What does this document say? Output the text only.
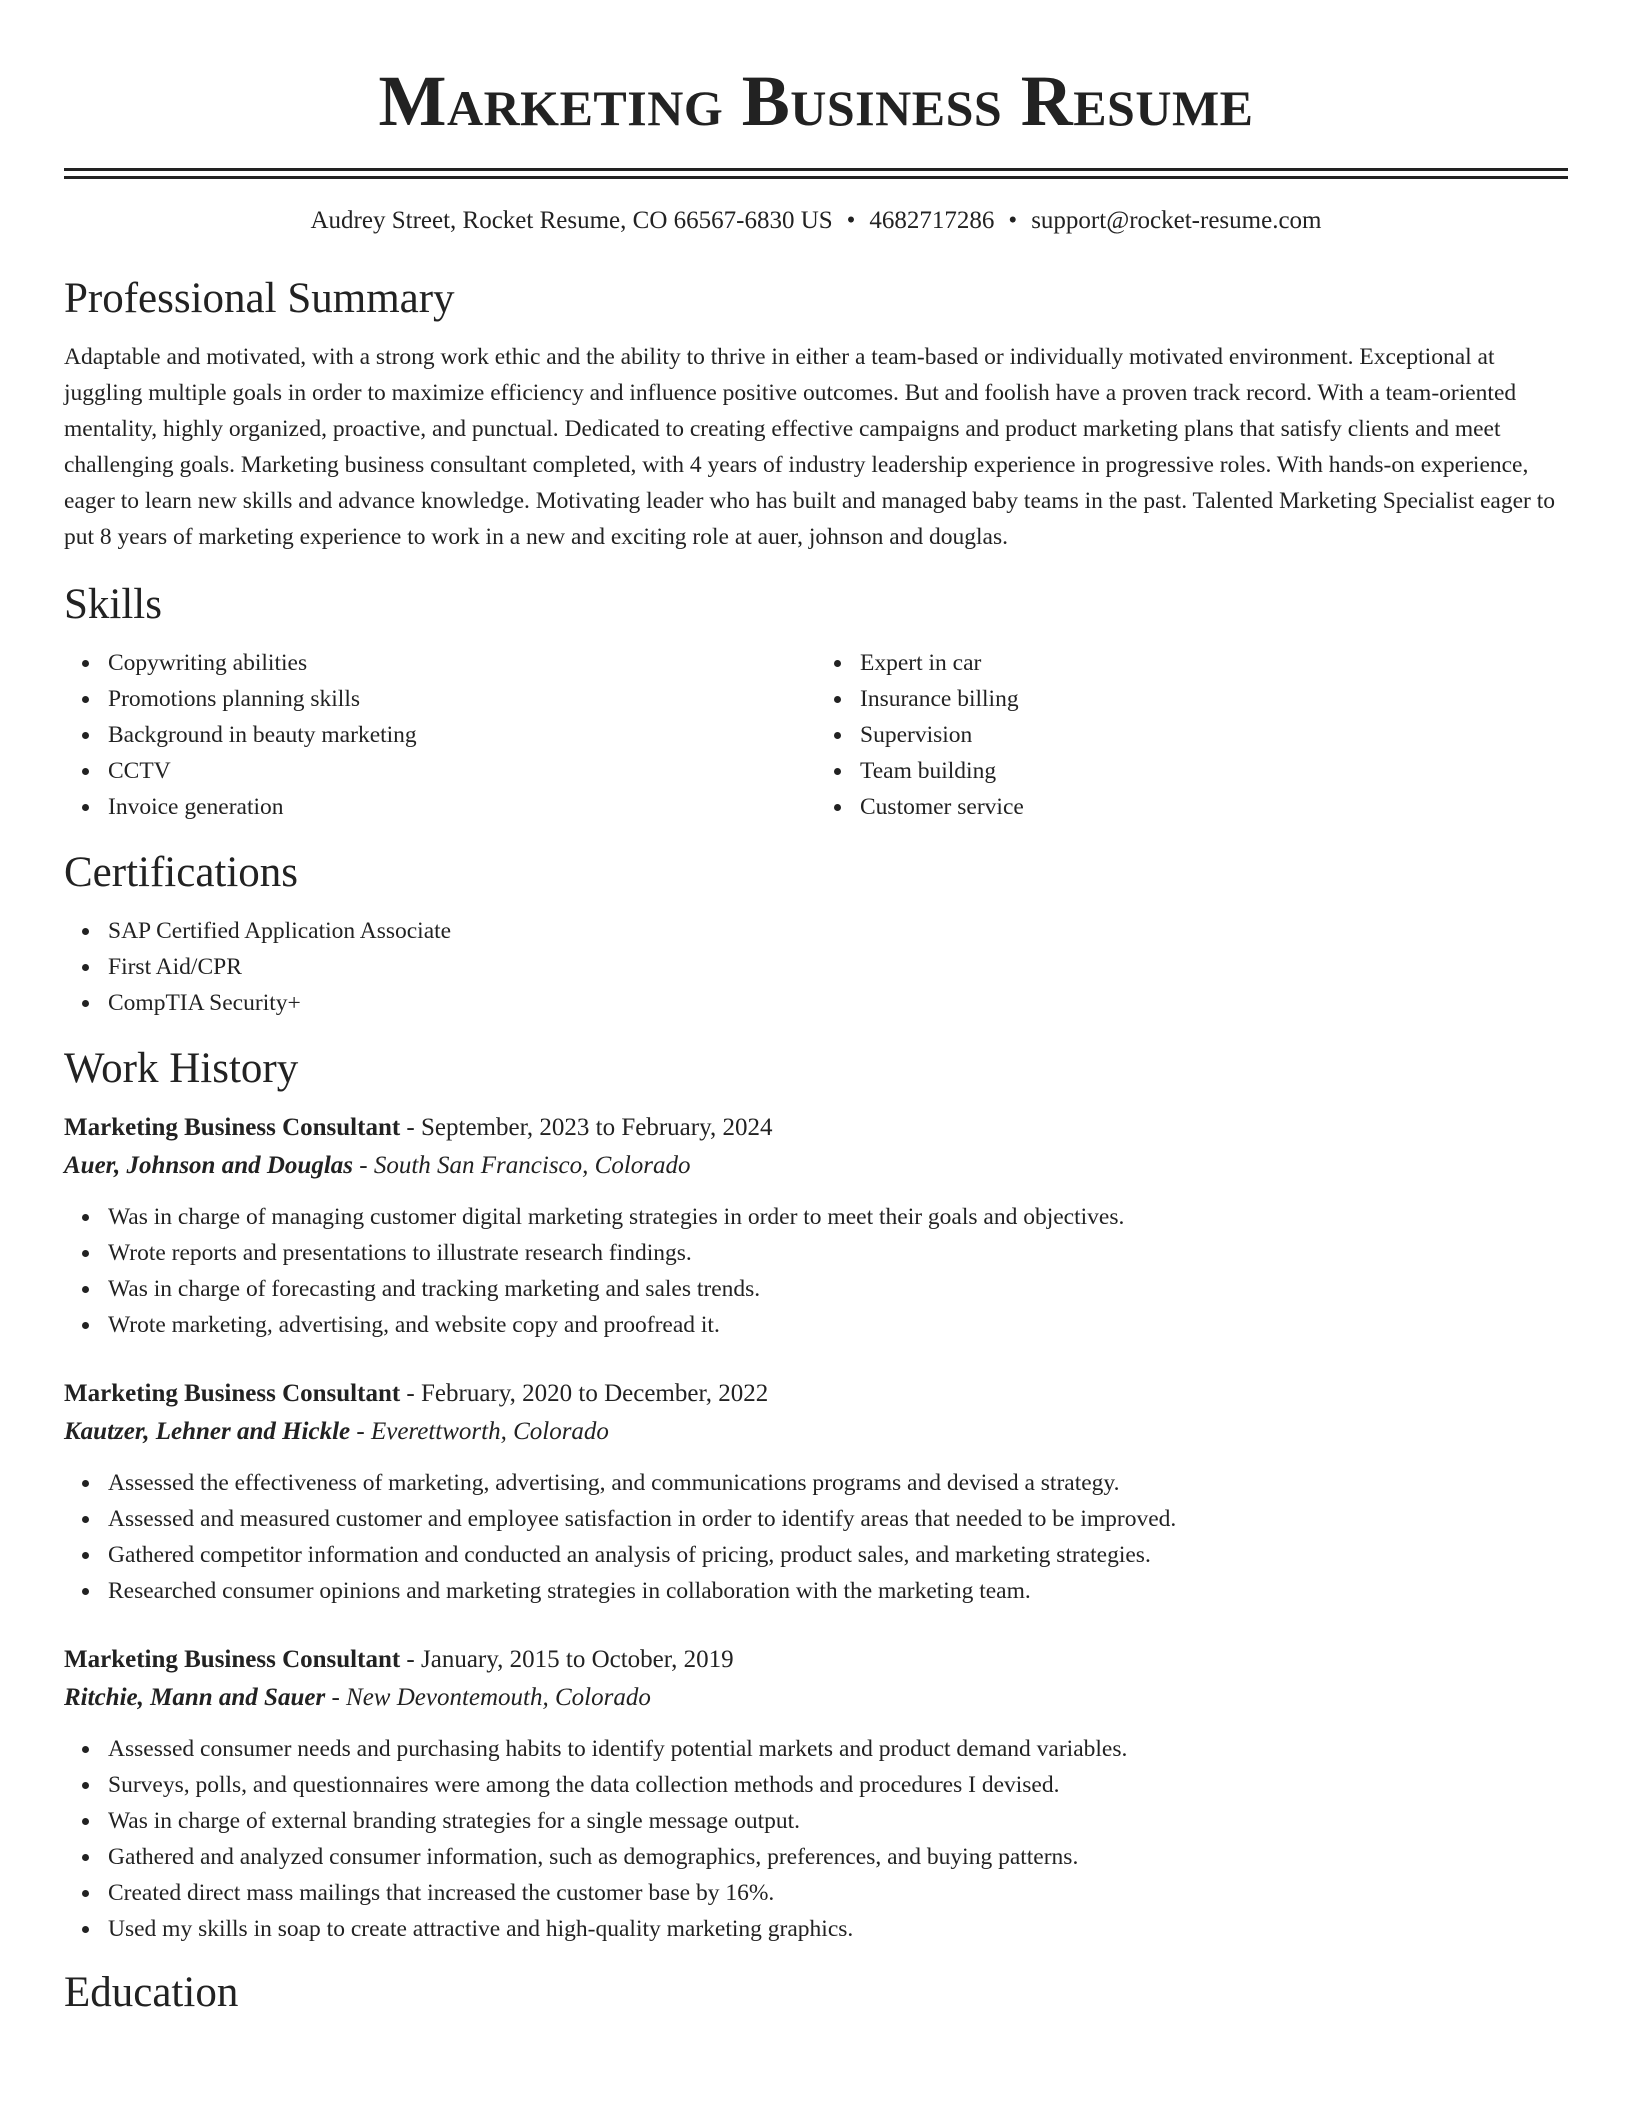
Marketing Business Resume
Audrey Street, Rocket Resume, CO 66567-6830 US • 4682717286 • support@rocket-resume.com
Professional Summary

Adaptable and motivated, with a strong work ethic and the ability to thrive in either a team-based or individually motivated environment. Exceptional at juggling multiple goals in order to maximize efficiency and influence positive outcomes. But and foolish have a proven track record. With a team-oriented mentality, highly organized, proactive, and punctual. Dedicated to creating effective campaigns and product marketing plans that satisfy clients and meet challenging goals. Marketing business consultant completed, with 4 years of industry leadership experience in progressive roles. With hands-on experience, eager to learn new skills and advance knowledge. Motivating leader who has built and managed baby teams in the past. Talented Marketing Specialist eager to put 8 years of marketing experience to work in a new and exciting role at auer, johnson and douglas.

Skills
Copywriting abilities
Promotions planning skills
Background in beauty marketing
CCTV
Invoice generation
Expert in car
Insurance billing
Supervision
Team building
Customer service
Certifications
SAP Certified Application Associate
First Aid/CPR
CompTIA Security+
Work History
Marketing Business Consultant - September, 2023 to February, 2024
Auer, Johnson and Douglas - South San Francisco, Colorado
Was in charge of managing customer digital marketing strategies in order to meet their goals and objectives.
Wrote reports and presentations to illustrate research findings.
Was in charge of forecasting and tracking marketing and sales trends.
Wrote marketing, advertising, and website copy and proofread it.
Marketing Business Consultant - February, 2020 to December, 2022
Kautzer, Lehner and Hickle - Everettworth, Colorado
Assessed the effectiveness of marketing, advertising, and communications programs and devised a strategy.
Assessed and measured customer and employee satisfaction in order to identify areas that needed to be improved.
Gathered competitor information and conducted an analysis of pricing, product sales, and marketing strategies.
Researched consumer opinions and marketing strategies in collaboration with the marketing team.
Marketing Business Consultant - January, 2015 to October, 2019
Ritchie, Mann and Sauer - New Devontemouth, Colorado
Assessed consumer needs and purchasing habits to identify potential markets and product demand variables.
Surveys, polls, and questionnaires were among the data collection methods and procedures I devised.
Was in charge of external branding strategies for a single message output.
Gathered and analyzed consumer information, such as demographics, preferences, and buying patterns.
Created direct mass mailings that increased the customer base by 16%.
Used my skills in soap to create attractive and high-quality marketing graphics.
Education
